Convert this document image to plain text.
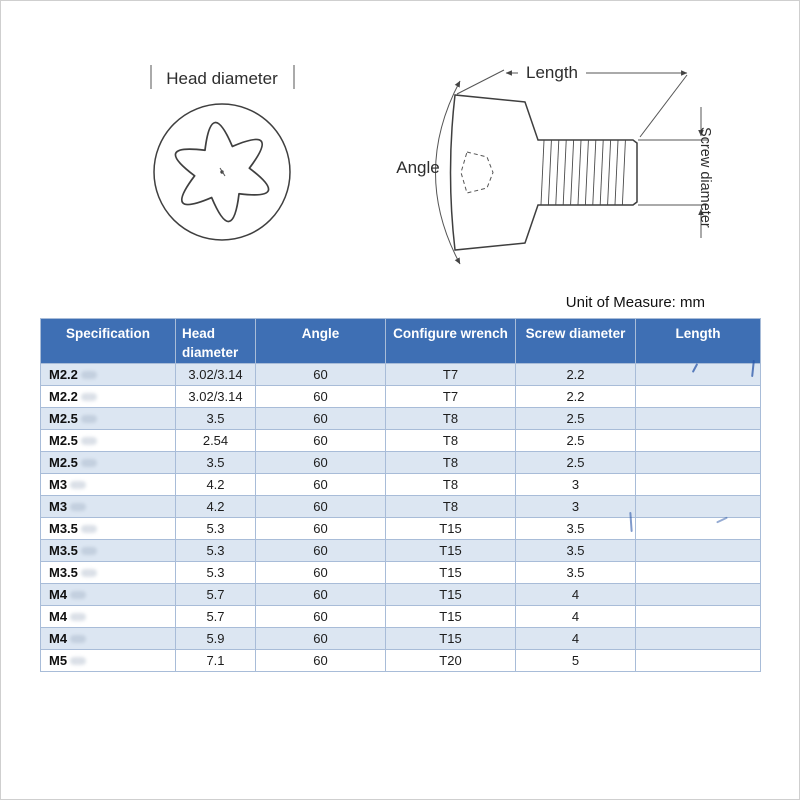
Head diameter	Length
Angle	Screw diameter
Unit of Measure: mm
Specification	Head diameter	Angle	Configure wrench	Screw diameter	Length
M2.2	3.02/3.14	60	T7	2.2	
M2.2	3.02/3.14	60	T7	2.2	
M2.5	3.5	60	T8	2.5	
M2.5	2.54	60	T8	2.5	
M2.5	3.5	60	T8	2.5	
M3	4.2	60	T8	3	
M3	4.2	60	T8	3	
M3.5	5.3	60	T15	3.5	
M3.5	5.3	60	T15	3.5	
M3.5	5.3	60	T15	3.5	
M4	5.7	60	T15	4	
M4	5.7	60	T15	4	
M4	5.9	60	T15	4	
M5	7.1	60	T20	5	
